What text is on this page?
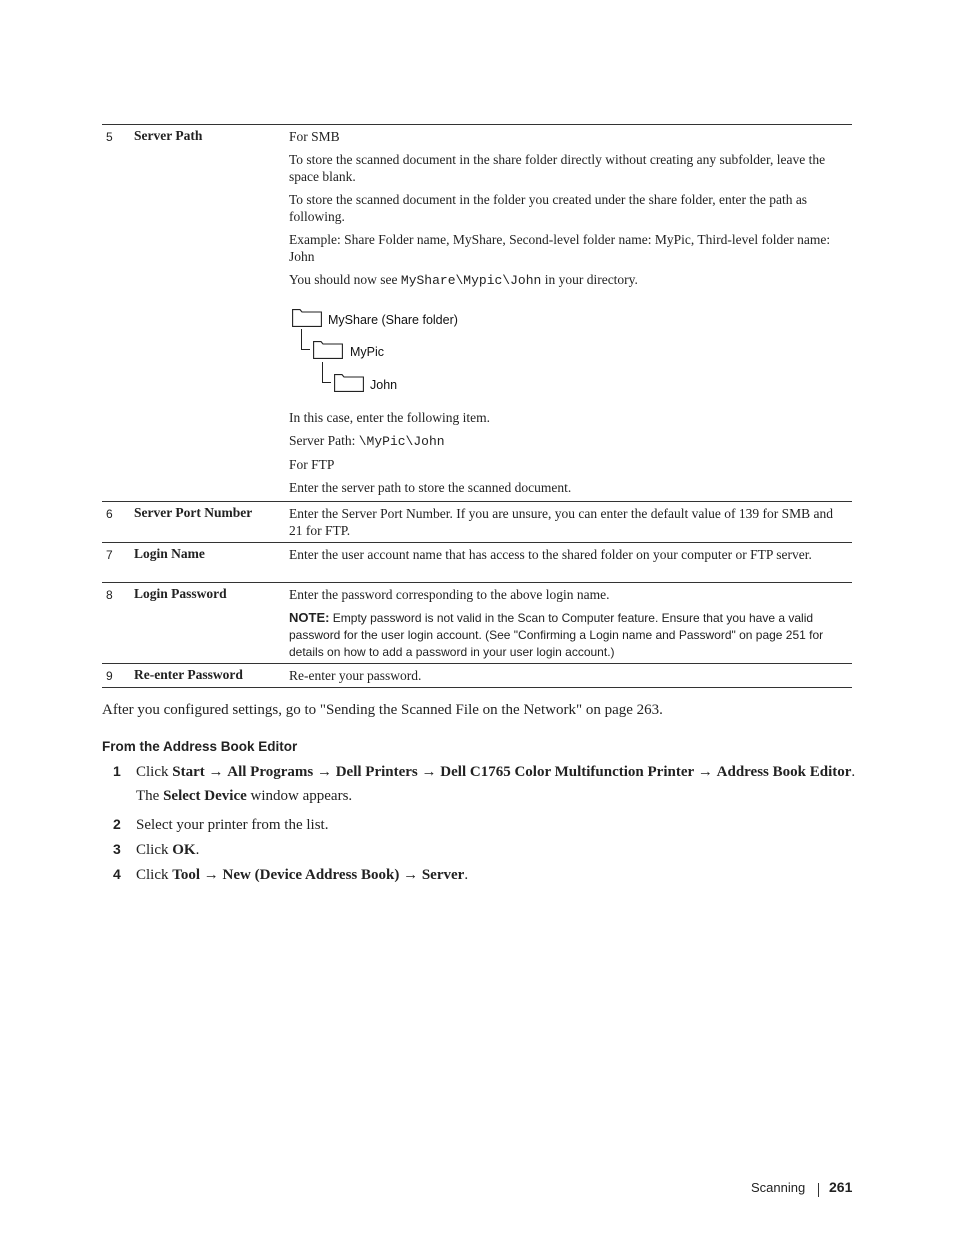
5 Server Path	For SMB

To store the scanned document in the share folder directly without creating any subfolder, leave the space blank.

To store the scanned document in the folder you created under the share folder, enter the path as following.

Example: Share Folder name, MyShare, Second-level folder name: MyPic, Third-level folder name: John

You should now see MyShare\Mypic\John in your directory.

MyShare (Share folder)
MyPic
John

In this case, enter the following item.

Server Path: \MyPic\John

For FTP

Enter the server path to store the scanned document.

6 Server Port Number	Enter the Server Port Number. If you are unsure, you can enter the default value of 139 for SMB and 21 for FTP.
7 Login Name	Enter the user account name that has access to the shared folder on your computer or FTP server.
8 Login Password	Enter the password corresponding to the above login name.

NOTE: Empty password is not valid in the Scan to Computer feature. Ensure that you have a valid password for the user login account. (See "Confirming a Login name and Password" on page 251 for details on how to add a password in your user login account.)

9 Re-enter Password	Re-enter your password.
After you configured settings, go to "Sending the Scanned File on the Network" on page 263.
From the Address Book Editor
1 Click Start → All Programs → Dell Printers → Dell C1765 Color Multifunction Printer → Address Book Editor.
The Select Device window appears.
2 Select your printer from the list.
3 Click OK.
4 Click Tool → New (Device Address Book) → Server.
Scanning 261
